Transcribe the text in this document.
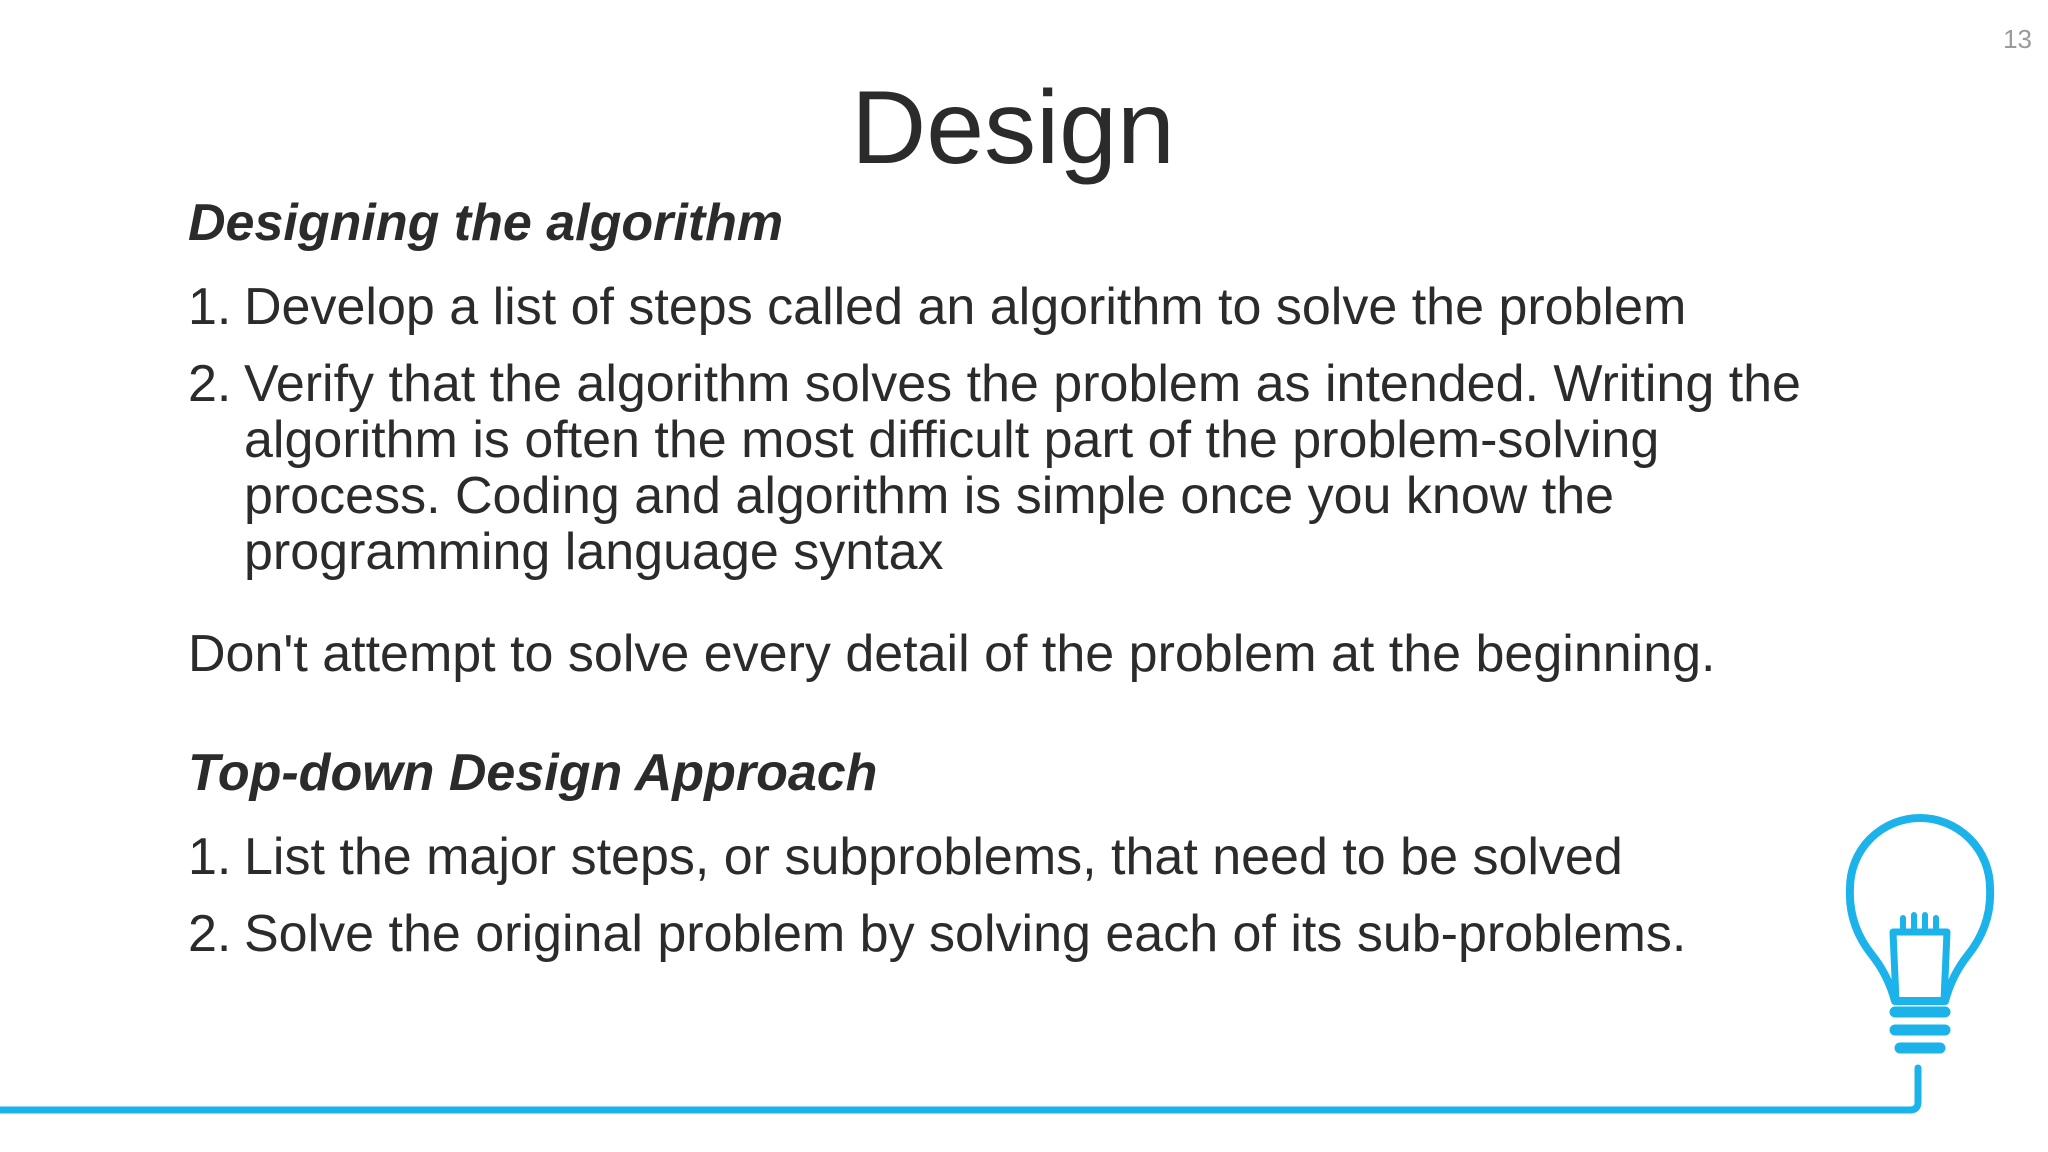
13
Design
Designing the algorithm
1. Develop a list of steps called an algorithm to solve the problem
2. Verify that the algorithm solves the problem as intended. Writing the algorithm is often the most difficult part of the problem-solving process. Coding and algorithm is simple once you know the programming language syntax

Don't attempt to solve every detail of the problem at the beginning.

Top-down Design Approach
1. List the major steps, or subproblems, that need to be solved
2. Solve the original problem by solving each of its sub-problems.
